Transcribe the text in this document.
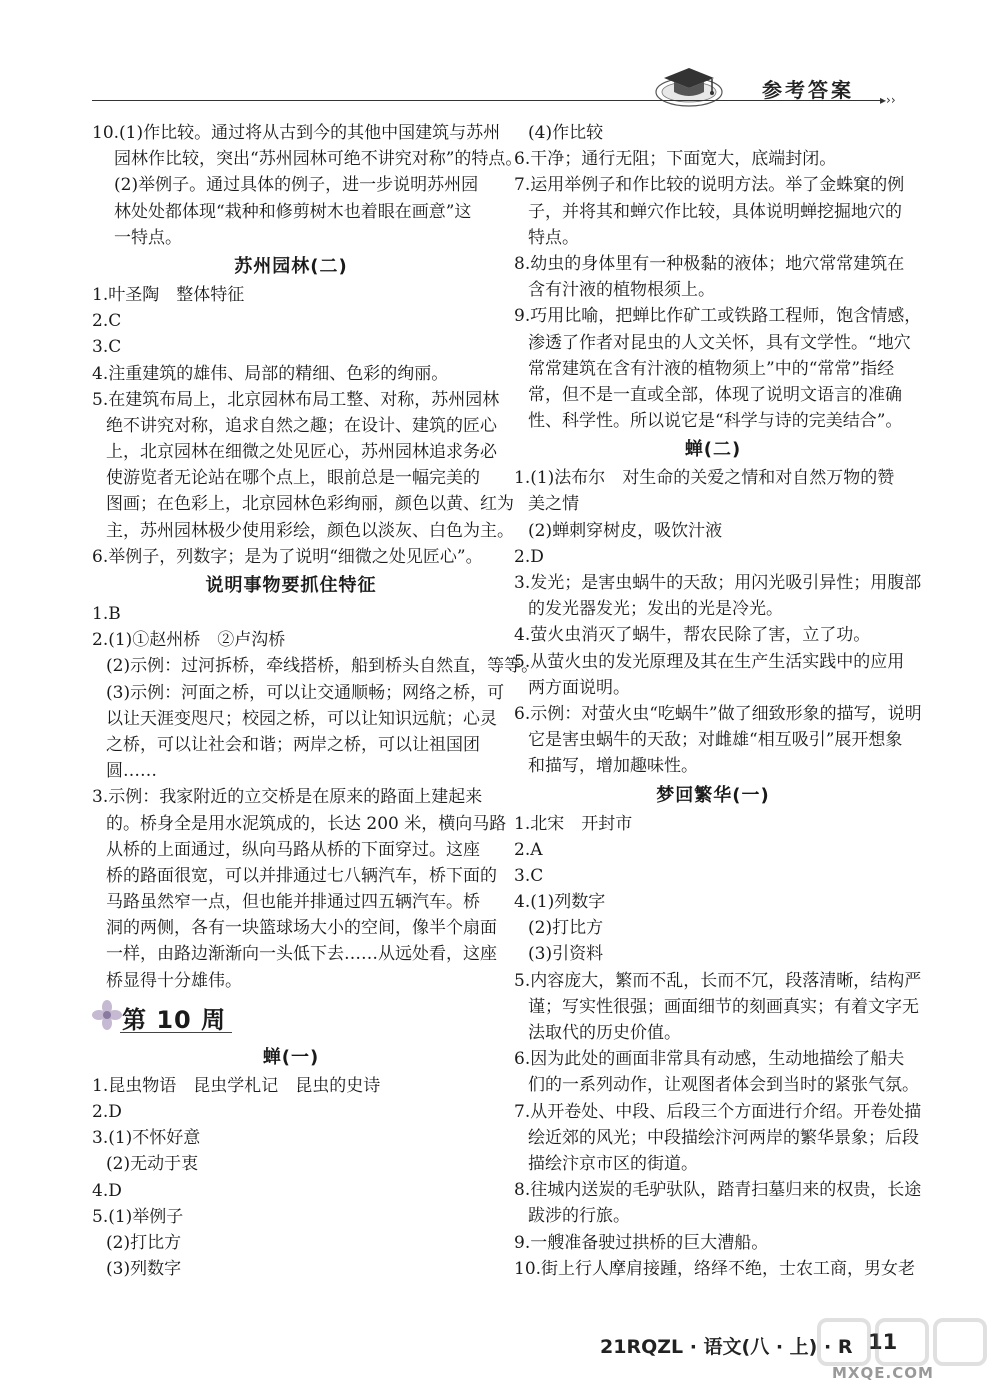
参考答案 ▸››
10.(1)作比较。通过将从古到今的其他中国建筑与苏州
园林作比较，突出“苏州园林可绝不讲究对称”的特点。
(2)举例子。通过具体的例子，进一步说明苏州园
林处处都体现“栽种和修剪树木也着眼在画意”这
一特点。
苏州园林(二)
1.叶圣陶　整体特征
2.C
3.C
4.注重建筑的雄伟、局部的精细、色彩的绚丽。
5.在建筑布局上，北京园林布局工整、对称，苏州园林
绝不讲究对称，追求自然之趣；在设计、建筑的匠心
上，北京园林在细微之处见匠心，苏州园林追求务必
使游览者无论站在哪个点上，眼前总是一幅完美的
图画；在色彩上，北京园林色彩绚丽，颜色以黄、红为
主，苏州园林极少使用彩绘，颜色以淡灰、白色为主。
6.举例子，列数字；是为了说明“细微之处见匠心”。
说明事物要抓住特征
1.B
2.(1)①赵州桥　②卢沟桥
(2)示例：过河拆桥，牵线搭桥，船到桥头自然直，等等。
(3)示例：河面之桥，可以让交通顺畅；网络之桥，可
以让天涯变咫尺；校园之桥，可以让知识远航；心灵
之桥，可以让社会和谐；两岸之桥，可以让祖国团
圆……
3.示例：我家附近的立交桥是在原来的路面上建起来
的。桥身全是用水泥筑成的，长达 200 米，横向马路
从桥的上面通过，纵向马路从桥的下面穿过。这座
桥的路面很宽，可以并排通过七八辆汽车，桥下面的
马路虽然窄一点，但也能并排通过四五辆汽车。桥
洞的两侧，各有一块篮球场大小的空间，像半个扇面
一样，由路边渐渐向一头低下去……从远处看，这座
桥显得十分雄伟。
第 10 周
蝉(一)
1.昆虫物语　昆虫学札记　昆虫的史诗
2.D
3.(1)不怀好意
(2)无动于衷
4.D
5.(1)举例子
(2)打比方
(3)列数字
(4)作比较
6.干净；通行无阻；下面宽大，底端封闭。
7.运用举例子和作比较的说明方法。举了金蛛窠的例
子，并将其和蝉穴作比较，具体说明蝉挖掘地穴的
特点。
8.幼虫的身体里有一种极黏的液体；地穴常常建筑在
含有汁液的植物根须上。
9.巧用比喻，把蝉比作矿工或铁路工程师，饱含情感，
渗透了作者对昆虫的人文关怀，具有文学性。“地穴
常常建筑在含有汁液的植物须上”中的“常常”指经
常，但不是一直或全部，体现了说明文语言的准确
性、科学性。所以说它是“科学与诗的完美结合”。
蝉(二)
1.(1)法布尔　对生命的关爱之情和对自然万物的赞
美之情
(2)蝉刺穿树皮，吸饮汁液
2.D
3.发光；是害虫蜗牛的天敌；用闪光吸引异性；用腹部
的发光器发光；发出的光是冷光。
4.萤火虫消灭了蜗牛，帮农民除了害，立了功。
5.从萤火虫的发光原理及其在生产生活实践中的应用
两方面说明。
6.示例：对萤火虫“吃蜗牛”做了细致形象的描写，说明
它是害虫蜗牛的天敌；对雌雄“相互吸引”展开想象
和描写，增加趣味性。
梦回繁华(一)
1.北宋　开封市
2.A
3.C
4.(1)列数字
(2)打比方
(3)引资料
5.内容庞大，繁而不乱，长而不冗，段落清晰，结构严
谨；写实性很强；画面细节的刻画真实；有着文字无
法取代的历史价值。
6.因为此处的画面非常具有动感，生动地描绘了船夫
们的一系列动作，让观图者体会到当时的紧张气氛。
7.从开卷处、中段、后段三个方面进行介绍。开卷处描
绘近郊的风光；中段描绘汴河两岸的繁华景象；后段
描绘汴京市区的街道。
8.往城内送炭的毛驴驮队，踏青扫墓归来的权贵，长途
跋涉的行旅。
9.一艘准备驶过拱桥的巨大漕船。
10.街上行人摩肩接踵，络绎不绝，士农工商，男女老
21RQZL · 语文(八 · 上) · R 11
MXQE.COM
